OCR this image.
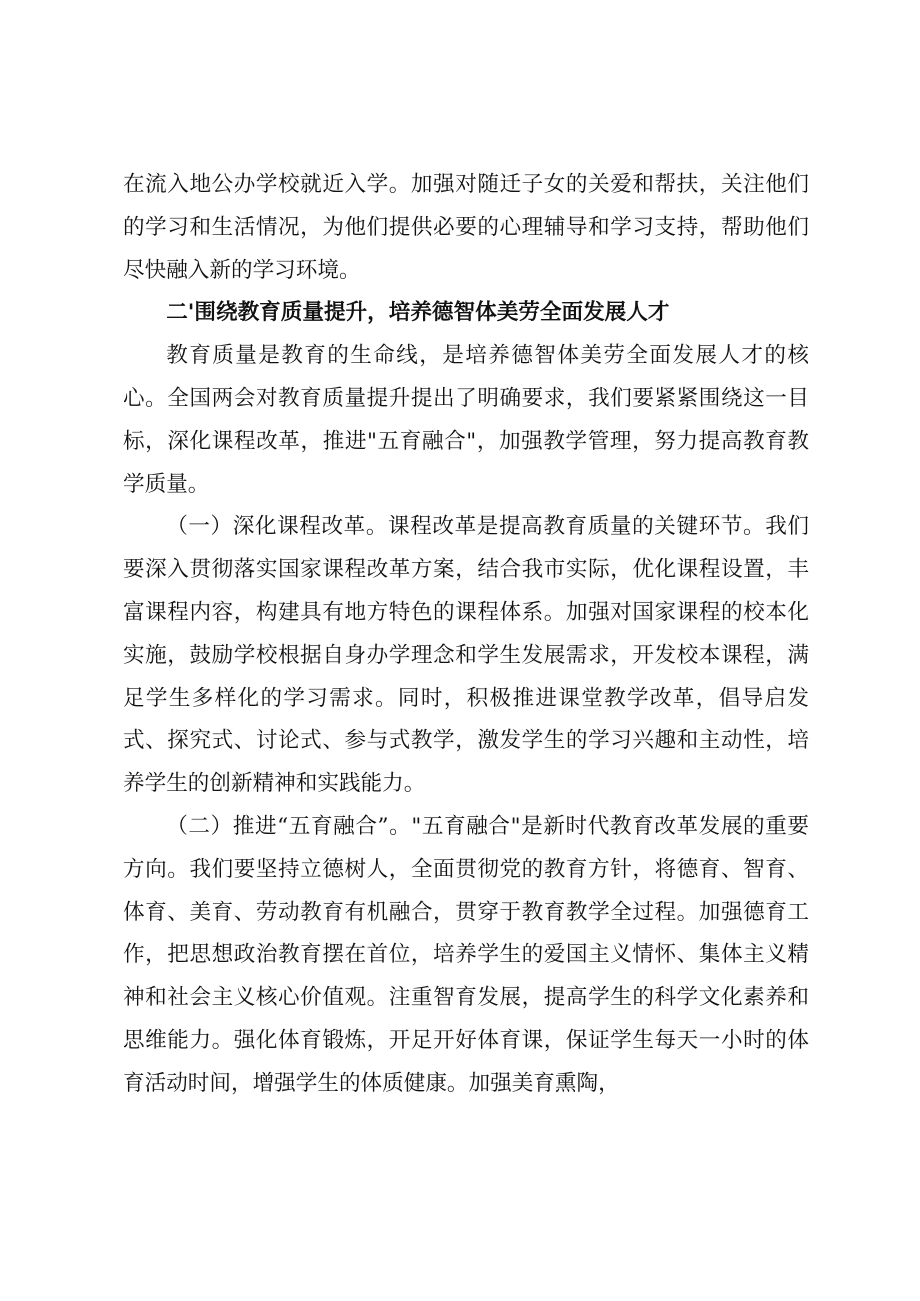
在流入地公办学校就近入学。加强对随迁子女的关爱和帮扶，关注他们的学习和生活情况，为他们提供必要的心理辅导和学习支持，帮助他们尽快融入新的学习环境。

二'围绕教育质量提升，培养德智体美劳全面发展人才

教育质量是教育的生命线，是培养德智体美劳全面发展人才的核心。全国两会对教育质量提升提出了明确要求，我们要紧紧围绕这一目标，深化课程改革，推进"五育融合"，加强教学管理，努力提高教育教学质量。

（一）深化课程改革。课程改革是提高教育质量的关键环节。我们要深入贯彻落实国家课程改革方案，结合我市实际，优化课程设置，丰富课程内容，构建具有地方特色的课程体系。加强对国家课程的校本化实施，鼓励学校根据自身办学理念和学生发展需求，开发校本课程，满足学生多样化的学习需求。同时，积极推进课堂教学改革，倡导启发式、探究式、讨论式、参与式教学，激发学生的学习兴趣和主动性，培养学生的创新精神和实践能力。

（二）推进“五育融合”。"五育融合"是新时代教育改革发展的重要方向。我们要坚持立德树人，全面贯彻党的教育方针，将德育、智育、体育、美育、劳动教育有机融合，贯穿于教育教学全过程。加强德育工作，把思想政治教育摆在首位，培养学生的爱国主义情怀、集体主义精神和社会主义核心价值观。注重智育发展，提高学生的科学文化素养和思维能力。强化体育锻炼，开足开好体育课，保证学生每天一小时的体育活动时间，增强学生的体质健康。加强美育熏陶，
